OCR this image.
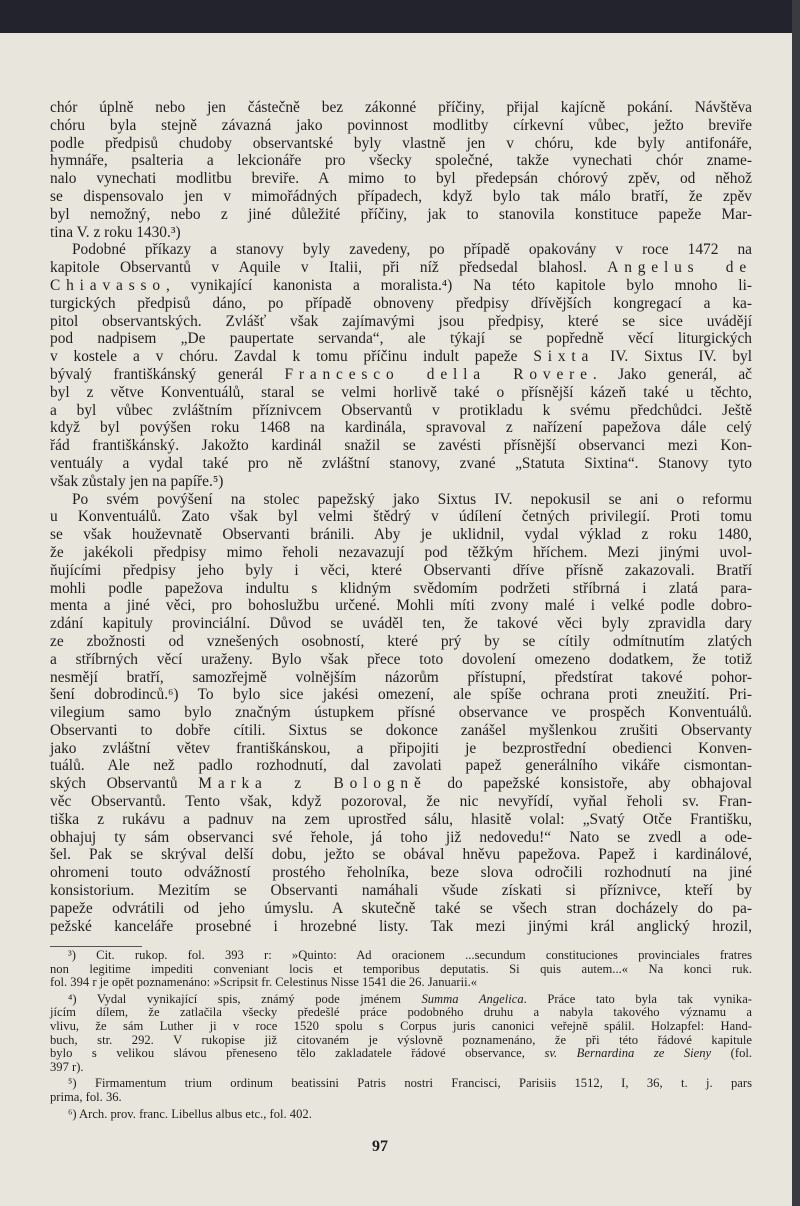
chór úplně nebo jen částečně bez zákonné příčiny, přijal kajícně pokání. Návštěva
chóru byla stejně závazná jako povinnost modlitby církevní vůbec, ježto breviře
podle předpisů chudoby observantské byly vlastně jen v chóru, kde byly antifonáře,
hymnáře, psalteria a lekcionáře pro všecky společné, takže vynechati chór zname-
nalo vynechati modlitbu breviře. A mimo to byl předepsán chórový zpěv, od něhož
se dispensovalo jen v mimořádných případech, když bylo tak málo bratří, že zpěv
byl nemožný, nebo z jiné důležité příčiny, jak to stanovila konstituce papeže Mar-
tina V. z roku 1430.³)
Podobné příkazy a stanovy byly zavedeny, po případě opakovány v roce 1472 na
kapitole Observantů v Aquile v Italii, při níž předsedal blahosl. Angelus de
Chiavasso, vynikající kanonista a moralista.⁴) Na této kapitole bylo mnoho li-
turgických předpisů dáno, po případě obnoveny předpisy dřívějších kongregací a ka-
pitol observantských. Zvlášť však zajímavými jsou předpisy, které se sice uvádějí
pod nadpisem „De paupertate servanda“, ale týkají se popředně věcí liturgických
v kostele a v chóru. Zavdal k tomu příčinu indult papeže Sixta IV. Sixtus IV. byl
bývalý františkánský generál Francesco della Rovere. Jako generál, ač
byl z větve Konventuálů, staral se velmi horlivě také o přísnější kázeň také u těchto,
a byl vůbec zvláštním příznivcem Observantů v protikladu k svému předchůdci. Ještě
když byl povýšen roku 1468 na kardinála, spravoval z nařízení papežova dále celý
řád františkánský. Jakožto kardinál snažil se zavésti přísnější observanci mezi Kon-
ventuály a vydal také pro ně zvláštní stanovy, zvané „Statuta Sixtina“. Stanovy tyto
však zůstaly jen na papíře.⁵)
Po svém povýšení na stolec papežský jako Sixtus IV. nepokusil se ani o reformu
u Konventuálů. Zato však byl velmi štědrý v údílení četných privilegií. Proti tomu
se však houževnatě Observanti bránili. Aby je uklidnil, vydal výklad z roku 1480,
že jakékoli předpisy mimo řeholi nezavazují pod těžkým hříchem. Mezi jinými uvol-
ňujícími předpisy jeho byly i věci, které Observanti dříve přísně zakazovali. Bratří
mohli podle papežova indultu s klidným svědomím podržeti stříbrná i zlatá para-
menta a jiné věci, pro bohoslužbu určené. Mohli míti zvony malé i velké podle dobro-
zdání kapituly provinciální. Důvod se uváděl ten, že takové věci byly zpravidla dary
ze zbožnosti od vznešených osobností, které prý by se cítily odmítnutím zlatých
a stříbrných věcí uraženy. Bylo však přece toto dovolení omezeno dodatkem, že totiž
nesmějí bratří, samozřejmě volnějším názorům přístupní, předstírat takové pohor-
šení dobrodinců.⁶) To bylo sice jakési omezení, ale spíše ochrana proti zneužití. Pri-
vilegium samo bylo značným ústupkem přísné observance ve prospěch Konventuálů.
Observanti to dobře cítili. Sixtus se dokonce zanášel myšlenkou zrušiti Observanty
jako zvláštní větev františkánskou, a připojiti je bezprostřední obedienci Konven-
tuálů. Ale než padlo rozhodnutí, dal zavolati papež generálního vikáře cismontan-
ských Observantů Marka z Bologně do papežské konsistoře, aby obhajoval
věc Observantů. Tento však, když pozoroval, že nic nevyřídí, vyňal řeholi sv. Fran-
tiška z rukávu a padnuv na zem uprostřed sálu, hlasitě volal: „Svatý Otče Františku,
obhajuj ty sám observanci své řehole, já toho již nedovedu!“ Nato se zvedl a ode-
šel. Pak se skrýval delší dobu, ježto se obával hněvu papežova. Papež i kardinálové,
ohromeni touto odvážností prostého řeholníka, beze slova odročili rozhodnutí na jiné
konsistorium. Mezitím se Observanti namáhali všude získati si příznivce, kteří by
papeže odvrátili od jeho úmyslu. A skutečně také se všech stran docházely do pa-
pežské kanceláře prosebné i hrozebné listy. Tak mezi jinými král anglický hrozil,
³) Cit. rukop. fol. 393 r: »Quinto: Ad oracionem ...secundum constituciones provinciales fratres
non legitime impediti conveniant locis et temporibus deputatis. Si quis autem...« Na konci ruk.
fol. 394 r je opět poznamenáno: »Scripsit fr. Celestinus Nisse 1541 die 26. Januarii.«
⁴) Vydal vynikající spis, známý pode jménem Summa Angelica. Práce tato byla tak vynika-
jícím dílem, že zatlačila všecky předešlé práce podobného druhu a nabyla takového významu a
vlivu, že sám Luther ji v roce 1520 spolu s Corpus juris canonici veřejně spálil. Holzapfel: Hand-
buch, str. 292. V rukopise již citovaném je výslovně poznamenáno, že při této řádové kapitule
bylo s velikou slávou přeneseno tělo zakladatele řádové observance, sv. Bernardina ze Sieny (fol.
397 r).
⁵) Firmamentum trium ordinum beatissini Patris nostri Francisci, Parisiis 1512, I, 36, t. j. pars
prima, fol. 36.
⁶) Arch. prov. franc. Libellus albus etc., fol. 402.
97
